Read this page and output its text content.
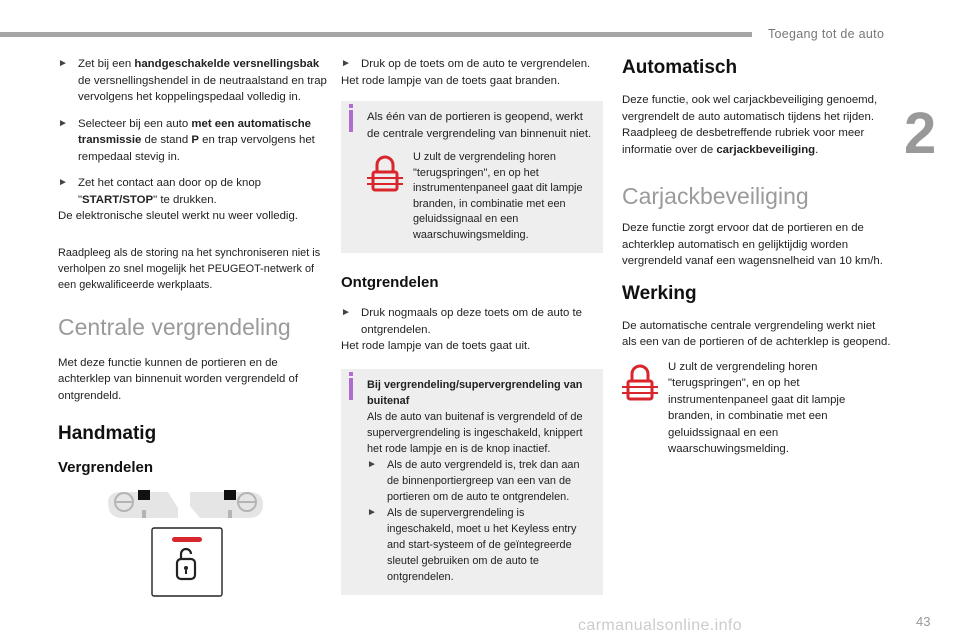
Toegang tot de auto
2
► Zet bij een handgeschakelde versnellingsbak de versnellingshendel in de neutraalstand en trap vervolgens het koppelingspedaal volledig in.
► Selecteer bij een auto met een automatische transmissie de stand P en trap vervolgens het rempedaal stevig in.
► Zet het contact aan door op de knop "START/STOP" te drukken.
De elektronische sleutel werkt nu weer volledig.
Raadpleeg als de storing na het synchroniseren niet is verholpen zo snel mogelijk het PEUGEOT-netwerk of een gekwalificeerde werkplaats.
Centrale vergrendeling
Met deze functie kunnen de portieren en de achterklep van binnenuit worden vergrendeld of ontgrendeld.
Handmatig
Vergrendelen
► Druk op de toets om de auto te vergrendelen.
Het rode lampje van de toets gaat branden.
Als één van de portieren is geopend, werkt de centrale vergrendeling van binnenuit niet.
U zult de vergrendeling horen "terugspringen", en op het instrumentenpaneel gaat dit lampje branden, in combinatie met een geluidssignaal en een waarschuwingsmelding.
Ontgrendelen
► Druk nogmaals op deze toets om de auto te ontgrendelen.
Het rode lampje van de toets gaat uit.
Bij vergrendeling/supervergrendeling van buitenaf
Als de auto van buitenaf is vergrendeld of de supervergrendeling is ingeschakeld, knippert het rode lampje en is de knop inactief.
► Als de auto vergrendeld is, trek dan aan de binnenportiergreep van een van de portieren om de auto te ontgrendelen.
► Als de supervergrendeling is ingeschakeld, moet u het Keyless entry and start-systeem of de geïntegreerde sleutel gebruiken om de auto te ontgrendelen.
Automatisch
Deze functie, ook wel carjackbeveiliging genoemd, vergrendelt de auto automatisch tijdens het rijden.
Raadpleeg de desbetreffende rubriek voor meer informatie over de carjackbeveiliging.
Carjackbeveiliging
Deze functie zorgt ervoor dat de portieren en de achterklep automatisch en gelijktijdig worden vergrendeld vanaf een wagensnelheid van 10 km/h.
Werking
De automatische centrale vergrendeling werkt niet als een van de portieren of de achterklep is geopend.
U zult de vergrendeling horen "terugspringen", en op het instrumentenpaneel gaat dit lampje branden, in combinatie met een geluidssignaal en een waarschuwingsmelding.
carmanualsonline.info	43
